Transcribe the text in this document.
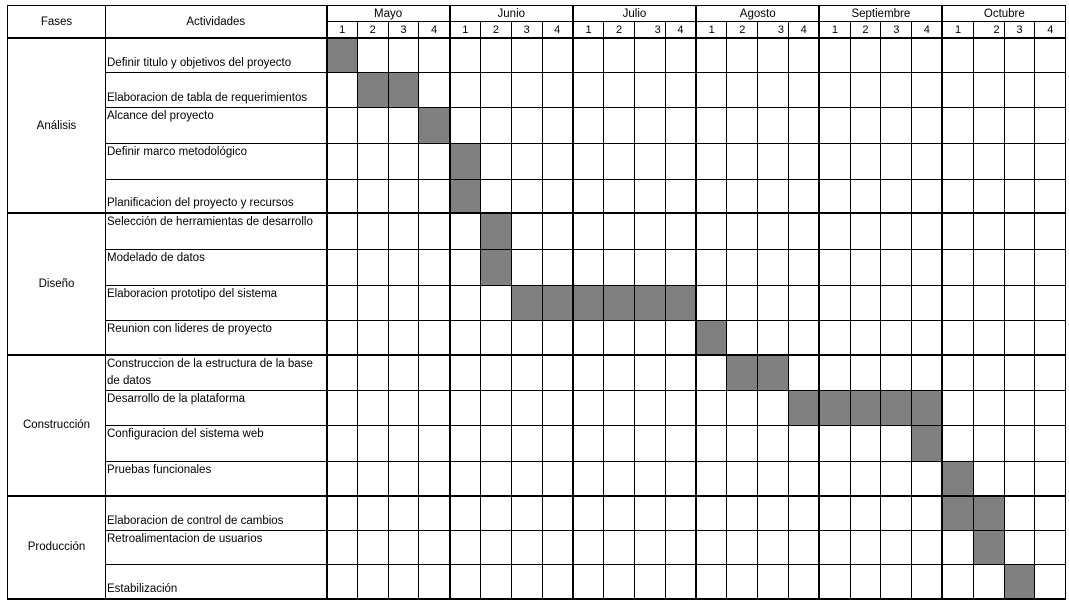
Fases	Actividades	Mayo				Junio				Julio				Agosto				Septiembre				Octubre			
		1	2	3	4	1	2	3	4	1	2	3	4	1	2	3	4	1	2	3	4	1	2	3	4
Análisis	Definir titulo y objetivos del proyecto																								
	Elaboracion de tabla de requerimientos																								
	Alcance del proyecto																								
	Definir marco metodológico																								
	Planificacion del proyecto y recursos																								
Diseño	Selección de herramientas de desarrollo																								
	Modelado de datos																								
	Elaboracion prototipo del sistema																								
	Reunion con lideres de proyecto																								
Construcción	Construccion de la estructura de la base de datos																								
	Desarrollo de la plataforma																								
	Configuracion del sistema web																								
	Pruebas funcionales																								
Producción	Elaboracion de control de cambios																								
	Retroalimentacion de usuarios																								
	Estabilización																								
